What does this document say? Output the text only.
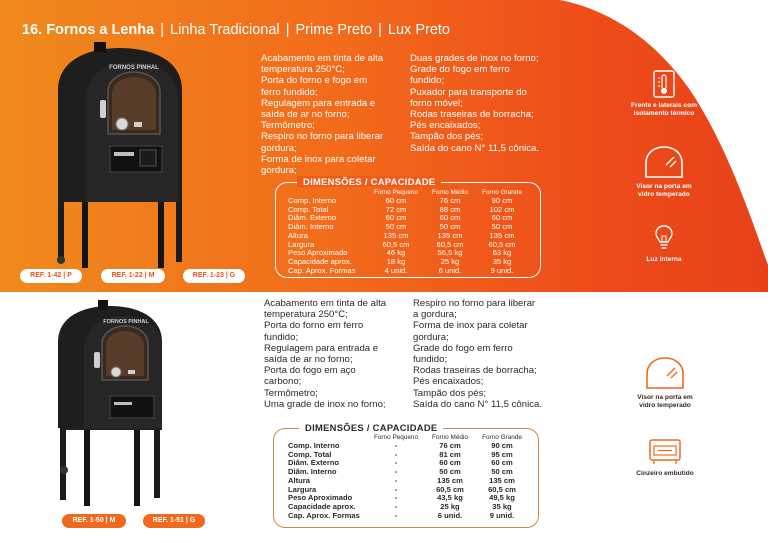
16. Fornos a Lenha | Linha Tradicional | Prime Preto | Lux Preto
FORNOS PINHAL
Acabamento em tinta de alta
temperatura 250°C;
Porta do forno e fogo em
ferro fundido;
Regulagem para entrada e
saída de ar no forno;
Termômetro;
Respiro no forno para liberar
gordura;
Forma de inox para coletar
gordura;
Duas grades de inox no forno;
Grade do fogo em ferro
fundido;
Puxador para transporte do
forno móvel;
Rodas traseiras de borracha;
Pés encaixados;
Tampão dos pés;
Saída do cano N° 11,5 cônica.
DIMENSÕES / CAPACIDADE
	Forno Pequeno	Forno Médio	Forno Grande
Comp. Interno	60 cm	76 cm	90 cm
Comp. Total	72 cm	88 cm	102 cm
Diâm. Externo	60 cm	60 cm	60 cm
Diâm. Interno	50 cm	50 cm	50 cm
Altura	135 cm	135 cm	135 cm
Largura	60,5 cm	60,5 cm	60,5 cm
Peso Aproximado	46 kg	56,5 kg	63 kg
Capacidade aprox.	18 kg	25 kg	35 kg
Cap. Aprox. Formas	4 unid.	6 unid.	9 unid.
REF. 1-42 | P	REF. 1-22 | M	REF. 1-23 | G
Frente e laterais com
isolamento térmico
Visor na porta em
vidro temperado
Luz interna
FORNOS PINHAL
Acabamento em tinta de alta
temperatura 250°C;
Porta do forno em ferro
fundido;
Regulagem para entrada e
saída de ar no forno;
Porta do fogo em aço
carbono;
Termômetro;
Uma grade de inox no forno;
Respiro no forno para liberar
a gordura;
Forma de inox para coletar
gordura;
Grade do fogo em ferro
fundido;
Rodas traseiras de borracha;
Pés encaixados;
Tampão dos pés;
Saída do cano N° 11,5 cônica.
DIMENSÕES / CAPACIDADE
	Forno Pequeno	Forno Médio	Forno Grande
Comp. Interno	-	76 cm	90 cm
Comp. Total	-	81 cm	95 cm
Diâm. Externo	-	60 cm	60 cm
Diâm. Interno	-	50 cm	50 cm
Altura	-	135 cm	135 cm
Largura	-	60,5 cm	60,5 cm
Peso Aproximado	-	43,5 kg	49,5 kg
Capacidade aprox.	-	25 kg	35 kg
Cap. Aprox. Formas	-	6 unid.	9 unid.
REF. 1-50 | M	REF. 1-51 | G
Visor na porta em
vidro temperado
Cinzeiro embutido
